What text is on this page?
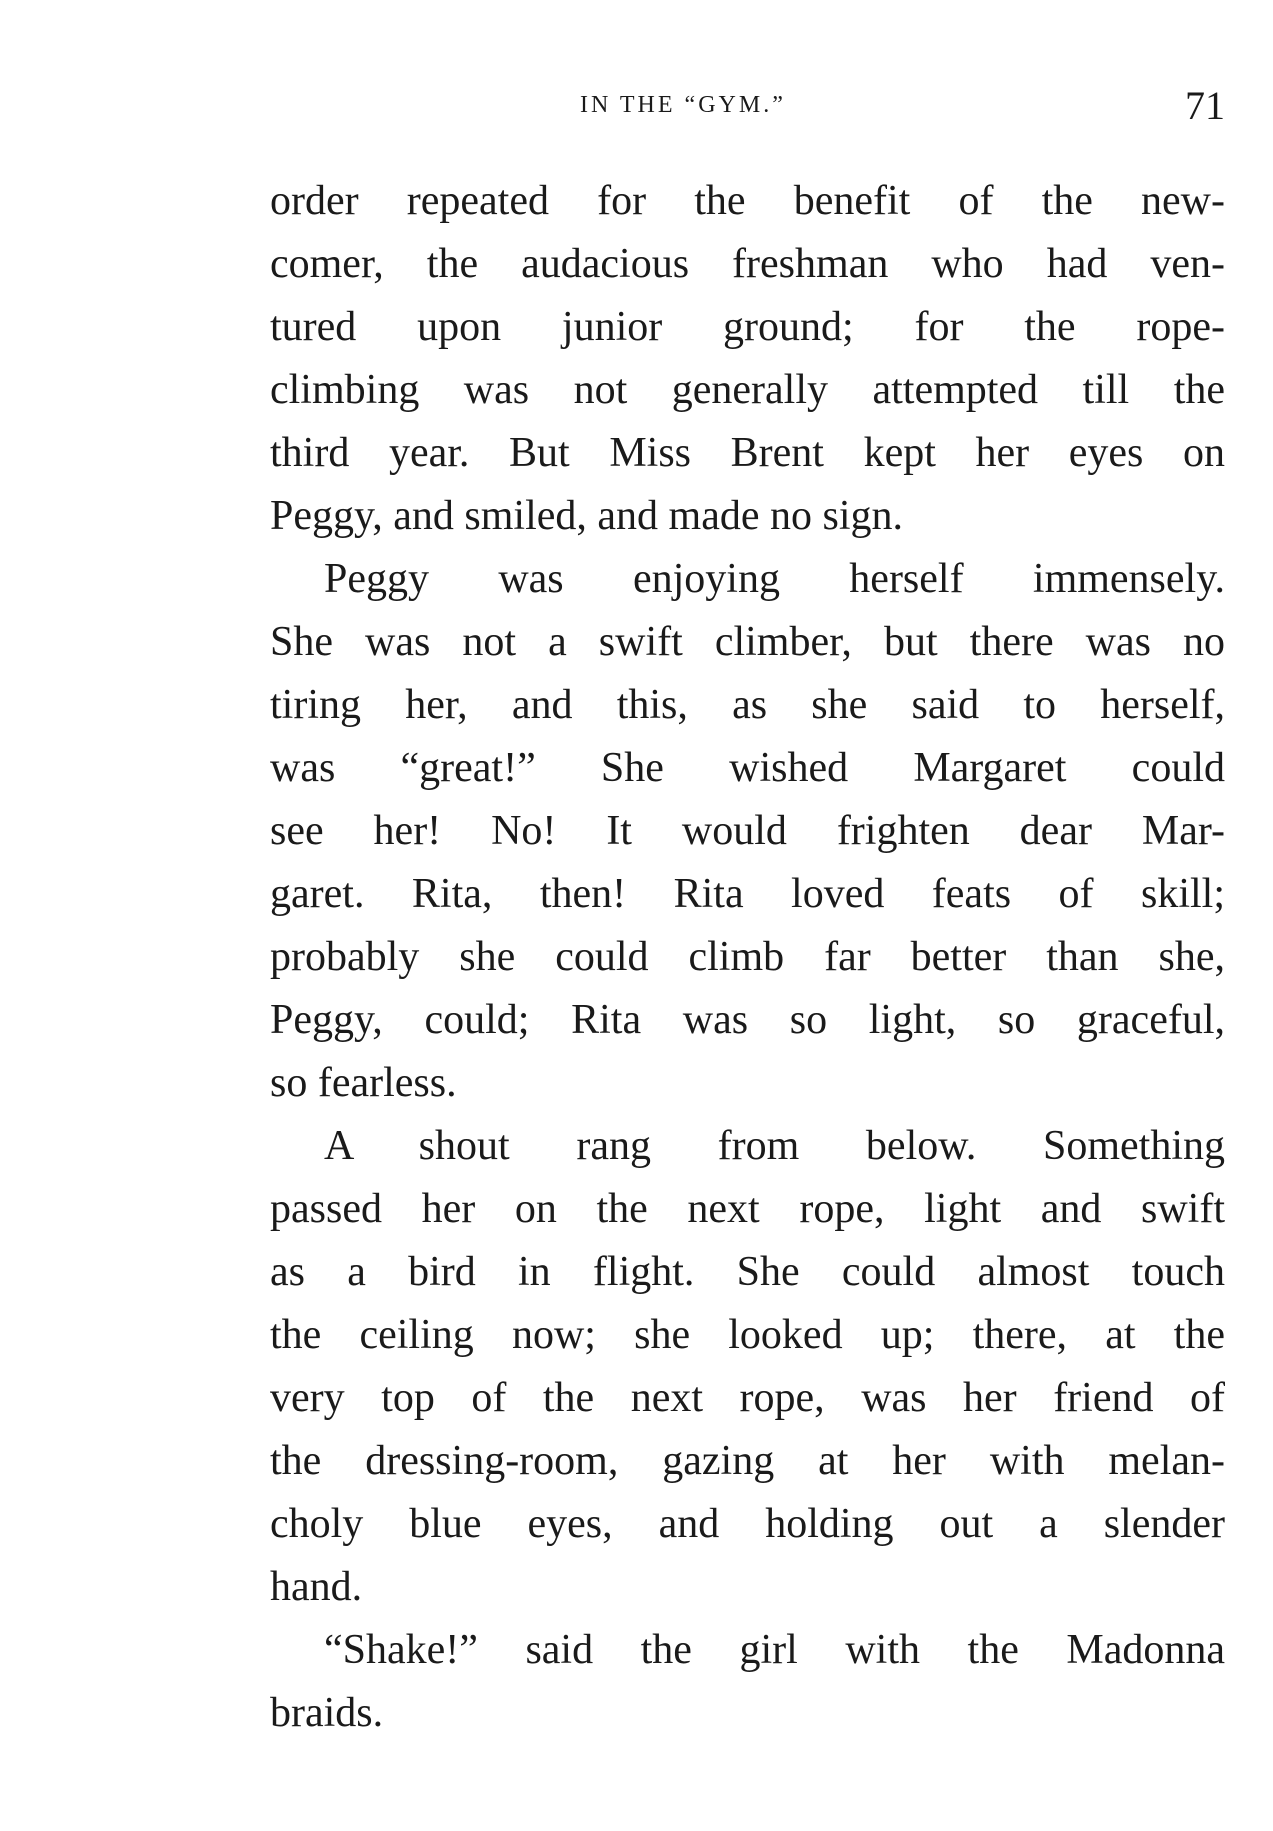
IN THE “GYM.”	71
order repeated for the benefit of the new-
comer, the audacious freshman who had ven-
tured upon junior ground; for the rope-
climbing was not generally attempted till the
third year. But Miss Brent kept her eyes on
Peggy, and smiled, and made no sign.
Peggy was enjoying herself immensely.
She was not a swift climber, but there was no
tiring her, and this, as she said to herself,
was “great!” She wished Margaret could
see her! No! It would frighten dear Mar-
garet. Rita, then! Rita loved feats of skill;
probably she could climb far better than she,
Peggy, could; Rita was so light, so graceful,
so fearless.
A shout rang from below. Something
passed her on the next rope, light and swift
as a bird in flight. She could almost touch
the ceiling now; she looked up; there, at the
very top of the next rope, was her friend of
the dressing-room, gazing at her with melan-
choly blue eyes, and holding out a slender
hand.
“Shake!” said the girl with the Madonna
braids.
